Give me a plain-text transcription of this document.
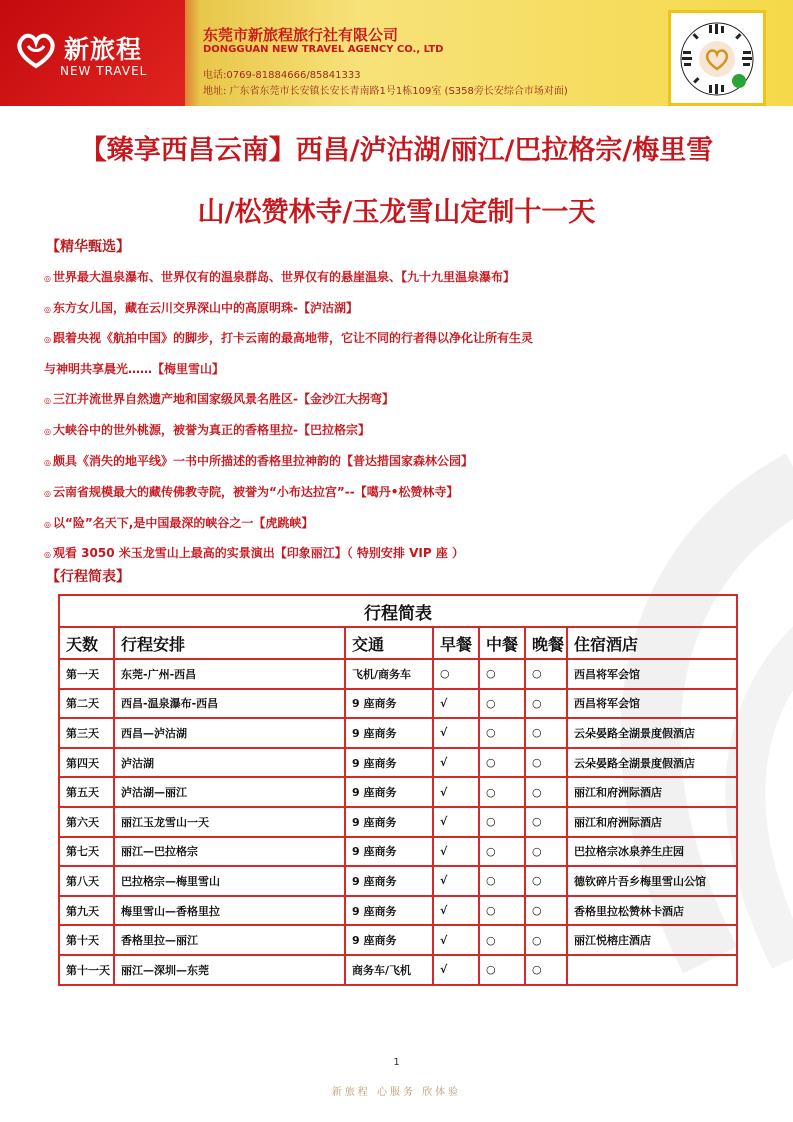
新旅程
NEW TRAVEL
东莞市新旅程旅行社有限公司
DONGGUAN NEW TRAVEL AGENCY CO., LTD
电话:0769-81884666/85841333
地址: 广东省东莞市长安镇长安长青南路1号1栋109室 (S358旁长安综合市场对面)
【臻享西昌云南】西昌/泸沽湖/丽江/巴拉格宗/梅里雪
山/松赞林寺/玉龙雪山定制十一天
【精华甄选】
◎ 世界最大温泉瀑布、世界仅有的温泉群岛、世界仅有的悬崖温泉、【九十九里温泉瀑布】
◎ 东方女儿国，藏在云川交界深山中的高原明珠-【泸沽湖】
◎ 跟着央视《航拍中国》的脚步，打卡云南的最高地带，它让不同的行者得以净化让所有生灵
与神明共享晨光……【梅里雪山】
◎ 三江并流世界自然遗产地和国家级风景名胜区-【金沙江大拐弯】
◎ 大峡谷中的世外桃源，被誉为真正的香格里拉-【巴拉格宗】
◎ 颇具《消失的地平线》一书中所描述的香格里拉神韵的【普达措国家森林公园】
◎ 云南省规模最大的藏传佛教寺院，被誉为“小布达拉宫”--【噶丹•松赞林寺】
◎ 以“险”名天下,是中国最深的峡谷之一【虎跳峡】
◎ 观看 3050 米玉龙雪山上最高的实景演出【印象丽江】（ 特别安排 VIP 座 ）
【行程简表】
行程简表						
天数	行程安排	交通	早餐	中餐	晚餐	住宿酒店
第一天	东莞-广州-西昌	飞机/商务车	○	○	○	西昌将军会馆
第二天	西昌-温泉瀑布-西昌	9 座商务	√	○	○	西昌将军会馆
第三天	西昌—泸沽湖	9 座商务	√	○	○	云朵晏路全湖景度假酒店
第四天	泸沽湖	9 座商务	√	○	○	云朵晏路全湖景度假酒店
第五天	泸沽湖—丽江	9 座商务	√	○	○	丽江和府洲际酒店
第六天	丽江玉龙雪山一天	9 座商务	√	○	○	丽江和府洲际酒店
第七天	丽江—巴拉格宗	9 座商务	√	○	○	巴拉格宗冰泉养生庄园
第八天	巴拉格宗—梅里雪山	9 座商务	√	○	○	德钦碎片吾乡梅里雪山公馆
第九天	梅里雪山—香格里拉	9 座商务	√	○	○	香格里拉松赞林卡酒店
第十天	香格里拉—丽江	9 座商务	√	○	○	丽江悦榕庄酒店
第十一天	丽江—深圳—东莞	商务车/飞机	√	○	○	
1
新旅程 心服务 欣体验
